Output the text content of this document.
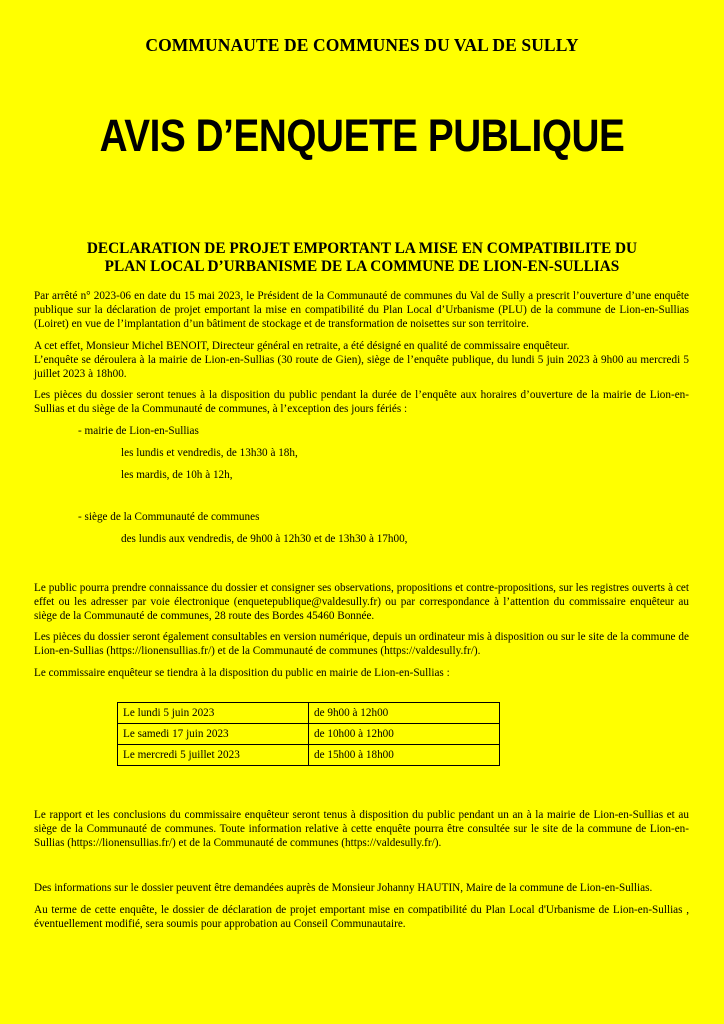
COMMUNAUTE DE COMMUNES DU VAL DE SULLY
AVIS D’ENQUETE PUBLIQUE
DECLARATION DE PROJET EMPORTANT LA MISE EN COMPATIBILITE DU
PLAN LOCAL D’URBANISME DE LA COMMUNE DE LION-EN-SULLIAS

Par arrêté n° 2023-06 en date du 15 mai 2023, le Président de la Communauté de communes du Val de Sully a prescrit l’ouverture d’une enquête publique sur la déclaration de projet emportant la mise en compatibilité du Plan Local d’Urbanisme (PLU) de la commune de Lion-en-Sullias (Loiret) en vue de l’implantation d’un bâtiment de stockage et de transformation de noisettes sur son territoire.

A cet effet, Monsieur Michel BENOIT, Directeur général en retraite, a été désigné en qualité de commissaire enquêteur.
L’enquête se déroulera à la mairie de Lion-en-Sullias (30 route de Gien), siège de l’enquête publique, du lundi 5 juin 2023 à 9h00 au mercredi 5 juillet 2023 à 18h00.

Les pièces du dossier seront tenues à la disposition du public pendant la durée de l’enquête aux horaires d’ouverture de la mairie de Lion-en-Sullias et du siège de la Communauté de communes, à l’exception des jours fériés :

- mairie de Lion-en-Sullias
les lundis et vendredis, de 13h30 à 18h,
les mardis, de 10h à 12h,
- siège de la Communauté de communes
des lundis aux vendredis, de 9h00 à 12h30 et de 13h30 à 17h00,

Le public pourra prendre connaissance du dossier et consigner ses observations, propositions et contre-propositions, sur les registres ouverts à cet effet ou les adresser par voie électronique (enquetepublique@valdesully.fr) ou par correspondance à l’attention du commissaire enquêteur au siège de la Communauté de communes, 28 route des Bordes 45460 Bonnée.

Les pièces du dossier seront également consultables en version numérique, depuis un ordinateur mis à disposition ou sur le site de la commune de Lion-en-Sullias (https://lionensullias.fr/) et de la Communauté de communes (https://valdesully.fr/).

Le commissaire enquêteur se tiendra à la disposition du public en mairie de Lion-en-Sullias :

Le lundi 5 juin 2023	de 9h00 à 12h00
Le samedi 17 juin 2023	de 10h00 à 12h00
Le mercredi 5 juillet 2023	de 15h00 à 18h00

Le rapport et les conclusions du commissaire enquêteur seront tenus à disposition du public pendant un an à la mairie de Lion-en-Sullias et au siège de la Communauté de communes. Toute information relative à cette enquête pourra être consultée sur le site de la commune de Lion-en-Sullias (https://lionensullias.fr/) et de la Communauté de communes (https://valdesully.fr/).

Des informations sur le dossier peuvent être demandées auprès de Monsieur Johanny HAUTIN, Maire de la commune de Lion-en-Sullias.

Au terme de cette enquête, le dossier de déclaration de projet emportant mise en compatibilité du Plan Local d'Urbanisme de Lion-en-Sullias , éventuellement modifié, sera soumis pour approbation au Conseil Communautaire.
